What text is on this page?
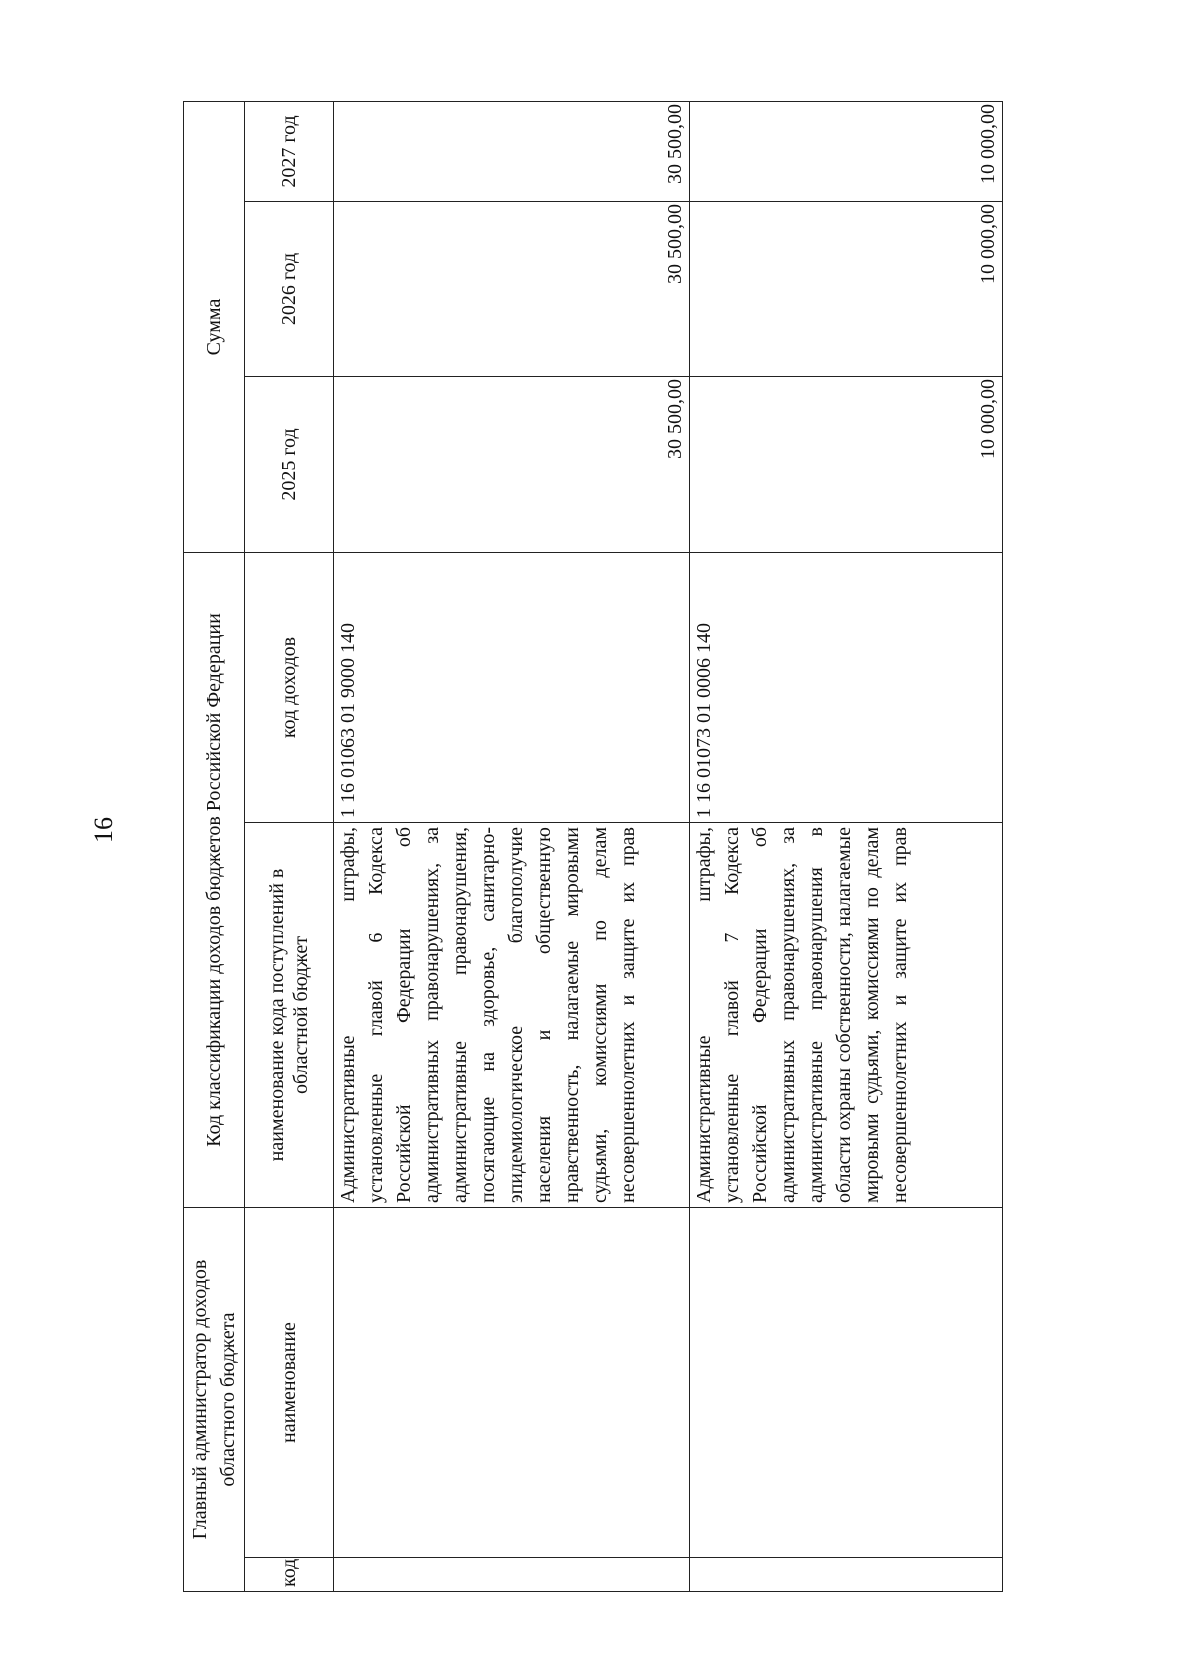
16
Главный администратор доходов областного бюджета		Код классификации доходов бюджетов Российской Федерации		Сумма		
код	наименование	наименование кода поступлений в областной бюджет	код доходов	2025 год	2026 год	2027 год
		Административные штрафы, установленные главой 6 Кодекса Российской Федерации об административных правонарушениях, за административные правонарушения, посягающие на здоровье, санитарно-эпидемиологическое благополучие населения и общественную нравственность, налагаемые мировыми судьями, комиссиями по делам несовершеннолетних и защите их прав	1 16 01063 01 9000 140	30 500,00	30 500,00	30 500,00
		Административные штрафы, установленные главой 7 Кодекса Российской Федерации об административных правонарушениях, за административные правонарушения в области охраны собственности, налагаемые мировыми судьями, комиссиями по делам несовершеннолетних и защите их прав	1 16 01073 01 0006 140	10 000,00	10 000,00	10 000,00
